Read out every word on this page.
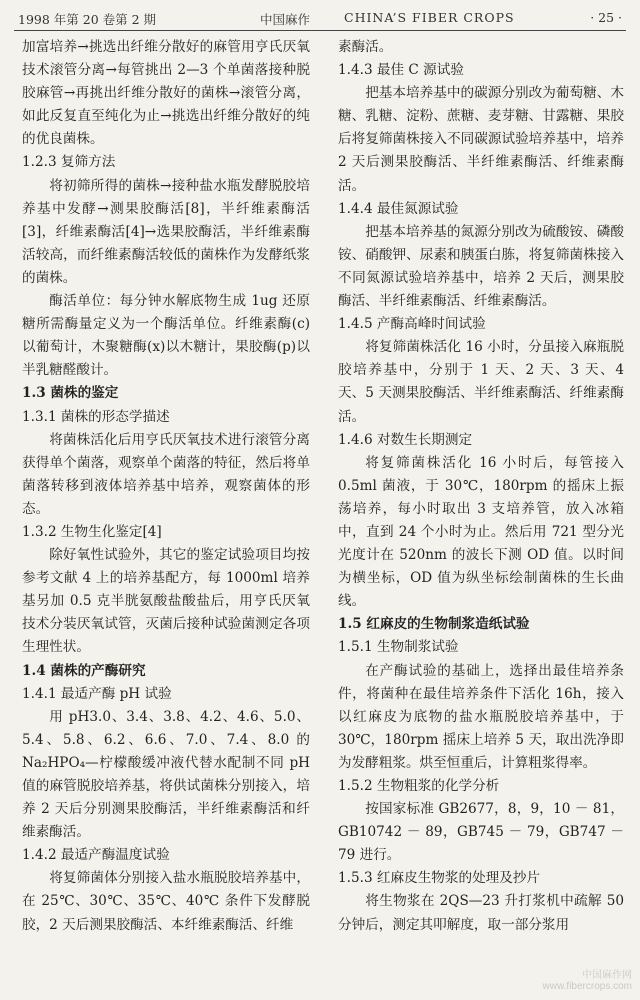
1998 年第 20 卷第 2 期	中国麻作	CHINA’S FIBER CROPS	· 25 ·

加富培养→挑选出纤维分散好的麻管用亨氏厌氧技术滚管分离→每管挑出 2—3 个单菌落接种脱胶麻管→再挑出纤维分散好的菌株→滚管分离，如此反复直至纯化为止→挑选出纤维分散好的纯的优良菌株。

1.2.3 复筛方法

将初筛所得的菌株→接种盐水瓶发酵脱胶培养基中发酵→测果胶酶活[8]，半纤维素酶活[3]，纤维素酶活[4]→选果胶酶活，半纤维素酶活较高，而纤维素酶活较低的菌株作为发酵纸浆的菌株。

酶活单位：每分钟水解底物生成 1ug 还原糖所需酶量定义为一个酶活单位。纤维素酶(c)以葡萄计，木聚糖酶(x)以木糖计，果胶酶(p)以半乳糖醛酸计。

1.3 菌株的鉴定

1.3.1 菌株的形态学描述

将菌株活化后用亨氏厌氧技术进行滚管分离获得单个菌落，观察单个菌落的特征，然后将单菌落转移到液体培养基中培养，观察菌体的形态。

1.3.2 生物生化鉴定[4]

除好氧性试验外，其它的鉴定试验项目均按参考文献 4 上的培养基配方，每 1000ml 培养基另加 0.5 克半胱氨酸盐酸盐后，用亨氏厌氧技术分装厌氧试管，灭菌后接种试验菌测定各项生理性状。

1.4 菌株的产酶研究

1.4.1 最适产酶 pH 试验

用 pH3.0、3.4、3.8、4.2、4.6、5.0、5.4、5.8、6.2、6.6、7.0、7.4、8.0 的 Na₂HPO₄—柠檬酸缓冲液代替水配制不同 pH 值的麻管脱胶培养基，将供试菌株分别接入，培养 2 天后分别测果胶酶活，半纤维素酶活和纤维素酶活。

1.4.2 最适产酶温度试验

将复筛菌体分别接入盐水瓶脱胶培养基中，在 25℃、30℃、35℃、40℃ 条件下发酵脱胶，2 天后测果胶酶活、本纤维素酶活、纤维

素酶活。

1.4.3 最佳 C 源试验

把基本培养基中的碳源分别改为葡萄糖、木糖、乳糖、淀粉、蔗糖、麦芽糖、甘露糖、果胶后将复筛菌株接入不同碳源试验培养基中，培养 2 天后测果胶酶活、半纤维素酶活、纤维素酶活。

1.4.4 最佳氮源试验

把基本培养基的氮源分别改为硫酸铵、磷酸铵、硝酸钾、尿素和胰蛋白胨，将复筛菌株接入不同氮源试验培养基中，培养 2 天后，测果胶酶活、半纤维素酶活、纤维素酶活。

1.4.5 产酶高峰时间试验

将复筛菌株活化 16 小时，分虽接入麻瓶脱胶培养基中，分别于 1 天、2 天、3 天、4 天、5 天测果胶酶活、半纤维素酶活、纤维素酶活。

1.4.6 对数生长期测定

将复筛菌株活化 16 小时后，每管接入 0.5ml 菌液，于 30℃，180rpm 的摇床上振荡培养，每小时取出 3 支培养管，放入冰箱中，直到 24 个小时为止。然后用 721 型分光光度计在 520nm 的波长下测 OD 值。以时间为横坐标，OD 值为纵坐标绘制菌株的生长曲线。

1.5 红麻皮的生物制浆造纸试验

1.5.1 生物制浆试验

在产酶试验的基础上，选择出最佳培养条件，将菌种在最佳培养条件下活化 16h，接入以红麻皮为底物的盐水瓶脱胶培养基中，于 30℃，180rpm 摇床上培养 5 天，取出洗净即为发酵粗浆。烘至恒重后，计算粗浆得率。

1.5.2 生物粗浆的化学分析

按国家标准 GB2677，8，9，10 － 81，GB10742 － 89，GB745 － 79，GB747 － 79 进行。

1.5.3 红麻皮生物浆的处理及抄片

将生物浆在 2QS—23 升打浆机中疏解 50 分钟后，测定其叩解度，取一部分浆用

中国麻作网
www.fibercrops.com
